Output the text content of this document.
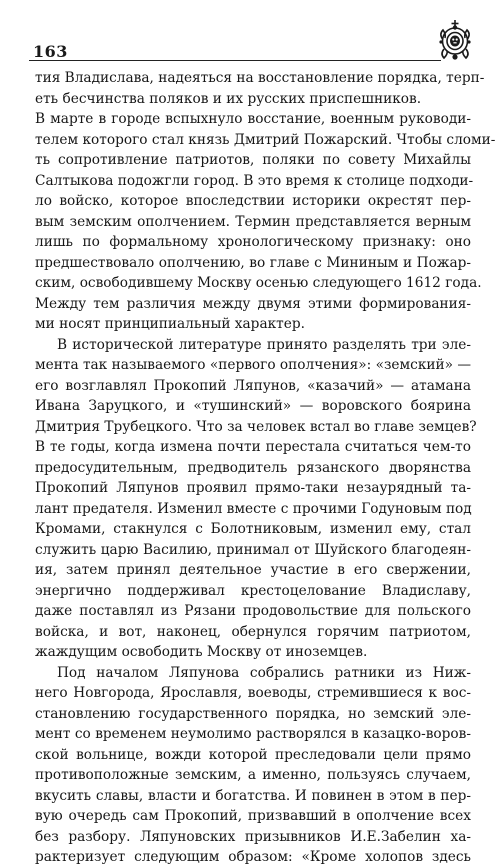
163
тия Владислава, надеяться на восстановление порядка, терп-
еть бесчинства поляков и их русских приспешников.
В марте в городе вспыхнуло восстание, военным руководи-
телем которого стал князь Дмитрий Пожарский. Чтобы сломи-
ть сопротивление патриотов, поляки по совету Михайлы
Салтыкова подожгли город. В это время к столице подходи-
ло войско, которое впоследствии историки окрестят пер-
вым земским ополчением. Термин представляется верным
лишь по формальному хронологическому признаку: оно
предшествовало ополчению, во главе с Мининым и Пожар-
ским, освободившему Москву осенью следующего 1612 года.
Между тем различия между двумя этими формирования-
ми носят принципиальный характер.
В исторической литературе принято разделять три эле-
мента так называемого «первого ополчения»: «земский» —
его возглавлял Прокопий Ляпунов, «казачий» — атамана
Ивана Заруцкого, и «тушинский» — воровского боярина
Дмитрия Трубецкого. Что за человек встал во главе земцев?
В те годы, когда измена почти перестала считаться чем-то
предосудительным, предводитель рязанского дворянства
Прокопий Ляпунов проявил прямо-таки незаурядный та-
лант предателя. Изменил вместе с прочими Годуновым под
Кромами, стакнулся с Болотниковым, изменил ему, стал
служить царю Василию, принимал от Шуйского благодеян-
ия, затем принял деятельное участие в его свержении,
энергично поддерживал крестоцелование Владиславу,
даже поставлял из Рязани продовольствие для польского
войска, и вот, наконец, обернулся горячим патриотом,
жаждущим освободить Москву от иноземцев.
Под началом Ляпунова собрались ратники из Ниж-
него Новгорода, Ярославля, воеводы, стремившиеся к вос-
становлению государственного порядка, но земский эле-
мент со временем неумолимо растворялся в казацко-воров-
ской вольнице, вожди которой преследовали цели прямо
противоположные земским, а именно, пользуясь случаем,
вкусить славы, власти и богатства. И повинен в этом в пер-
вую очередь сам Прокопий, призвавший в ополчение всех
без разбору. Ляпуновских призывников И.Е.Забелин ха-
рактеризует следующим образом: «Кроме холопов здесь
